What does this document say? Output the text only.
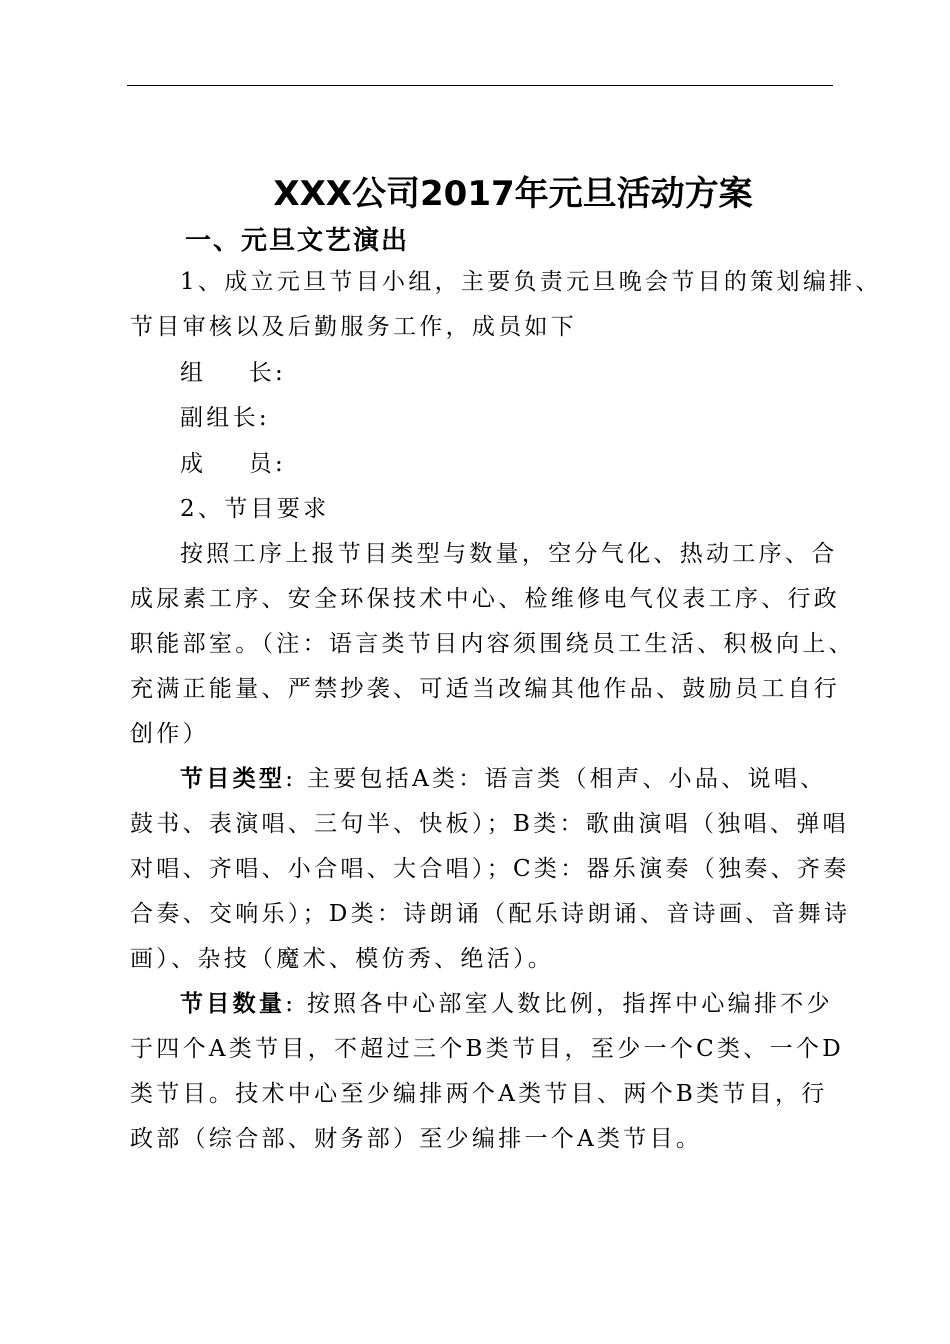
XXX公司2017年元旦活动方案
一、元旦文艺演出

1、成立元旦节目小组，主要负责元旦晚会节目的策划编排、

节目审核以及后勤服务工作，成员如下

组    长:

副组长:

成    员:

2、节目要求

按照工序上报节目类型与数量，空分气化、热动工序、合

成尿素工序、安全环保技术中心、检维修电气仪表工序、行政

职能部室。（注：语言类节目内容须围绕员工生活、积极向上、

充满正能量、严禁抄袭、可适当改编其他作品、鼓励员工自行

创作）

节目类型: 主要包括A类：语言类（相声、小品、说唱、

鼓书、表演唱、三句半、快板）；B类：歌曲演唱（独唱、弹唱

对唱、齐唱、小合唱、大合唱）；C类：器乐演奏（独奏、齐奏

合奏、交响乐）；D类：诗朗诵（配乐诗朗诵、音诗画、音舞诗

画）、杂技（魔术、模仿秀、绝活）。

节目数量: 按照各中心部室人数比例，指挥中心编排不少

于四个A类节目，不超过三个B类节目，至少一个C类、一个D

类节目。技术中心至少编排两个A类节目、两个B类节目，行

政部（综合部、财务部）至少编排一个A类节目。
